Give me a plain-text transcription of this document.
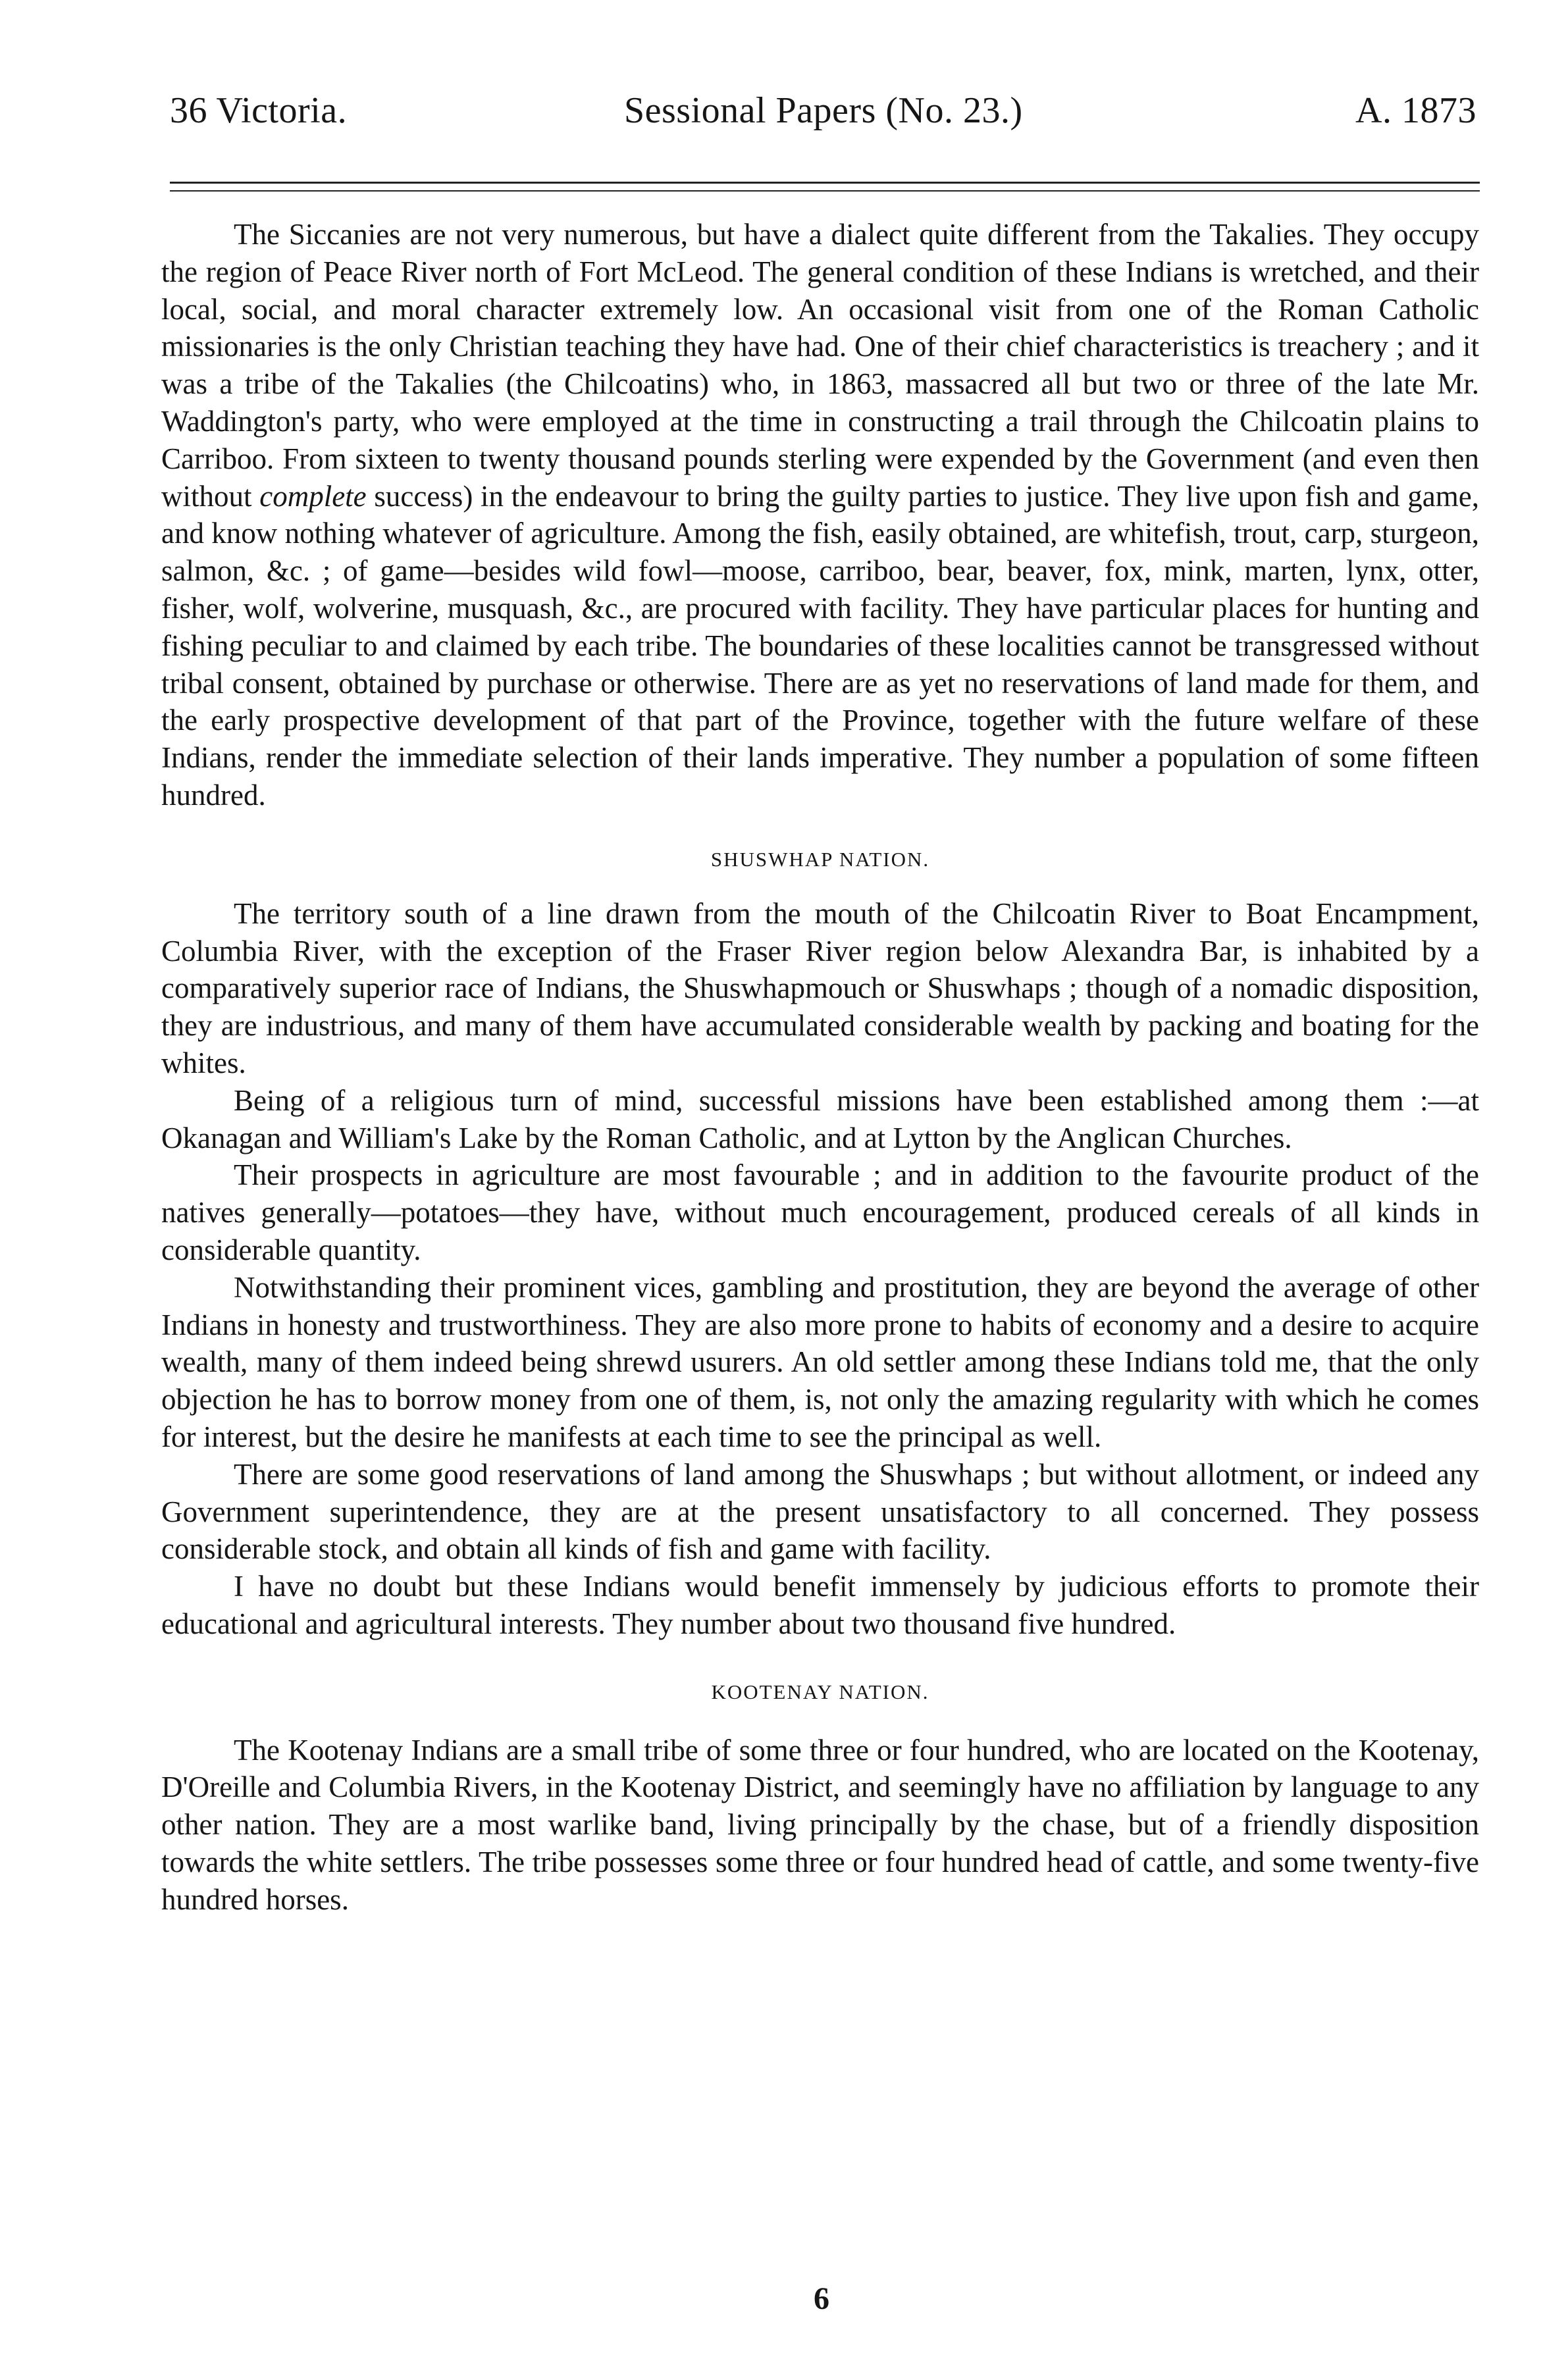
36 Victoria.	Sessional Papers (No. 23.)	A. 1873

The Siccanies are not very numerous, but have a dialect quite different from the Takalies. They occupy the region of Peace River north of Fort McLeod. The general condition of these Indians is wretched, and their local, social, and moral character extremely low. An occasional visit from one of the Roman Catholic missionaries is the only Christian teaching they have had. One of their chief characteristics is treachery ; and it was a tribe of the Takalies (the Chilcoatins) who, in 1863, massacred all but two or three of the late Mr. Waddington's party, who were employed at the time in constructing a trail through the Chilcoatin plains to Carriboo. From sixteen to twenty thousand pounds sterling were expended by the Government (and even then without complete success) in the endeavour to bring the guilty parties to justice. They live upon fish and game, and know nothing whatever of agriculture. Among the fish, easily obtained, are whitefish, trout, carp, sturgeon, salmon, &c. ; of game—besides wild fowl—moose, carriboo, bear, beaver, fox, mink, marten, lynx, otter, fisher, wolf, wolverine, musquash, &c., are procured with facility. They have particular places for hunting and fishing peculiar to and claimed by each tribe. The boundaries of these localities cannot be transgressed without tribal consent, obtained by purchase or otherwise. There are as yet no reservations of land made for them, and the early prospective development of that part of the Province, together with the future welfare of these Indians, render the immediate selection of their lands imperative. They number a population of some fifteen hundred.

SHUSWHAP NATION.

The territory south of a line drawn from the mouth of the Chilcoatin River to Boat Encampment, Columbia River, with the exception of the Fraser River region below Alexandra Bar, is inhabited by a comparatively superior race of Indians, the Shuswhapmouch or Shuswhaps ; though of a nomadic disposition, they are industrious, and many of them have accumulated considerable wealth by packing and boating for the whites.

Being of a religious turn of mind, successful missions have been established among them :—at Okanagan and William's Lake by the Roman Catholic, and at Lytton by the Anglican Churches.

Their prospects in agriculture are most favourable ; and in addition to the favourite product of the natives generally—potatoes—they have, without much encouragement, produced cereals of all kinds in considerable quantity.

Notwithstanding their prominent vices, gambling and prostitution, they are beyond the average of other Indians in honesty and trustworthiness. They are also more prone to habits of economy and a desire to acquire wealth, many of them indeed being shrewd usurers. An old settler among these Indians told me, that the only objection he has to borrow money from one of them, is, not only the amazing regularity with which he comes for interest, but the desire he manifests at each time to see the principal as well.

There are some good reservations of land among the Shuswhaps ; but without allotment, or indeed any Government superintendence, they are at the present unsatisfactory to all concerned. They possess considerable stock, and obtain all kinds of fish and game with facility.

I have no doubt but these Indians would benefit immensely by judicious efforts to promote their educational and agricultural interests. They number about two thousand five hundred.

KOOTENAY NATION.

The Kootenay Indians are a small tribe of some three or four hundred, who are located on the Kootenay, D'Oreille and Columbia Rivers, in the Kootenay District, and seemingly have no affiliation by language to any other nation. They are a most warlike band, living principally by the chase, but of a friendly disposition towards the white settlers. The tribe possesses some three or four hundred head of cattle, and some twenty-five hundred horses.

6
